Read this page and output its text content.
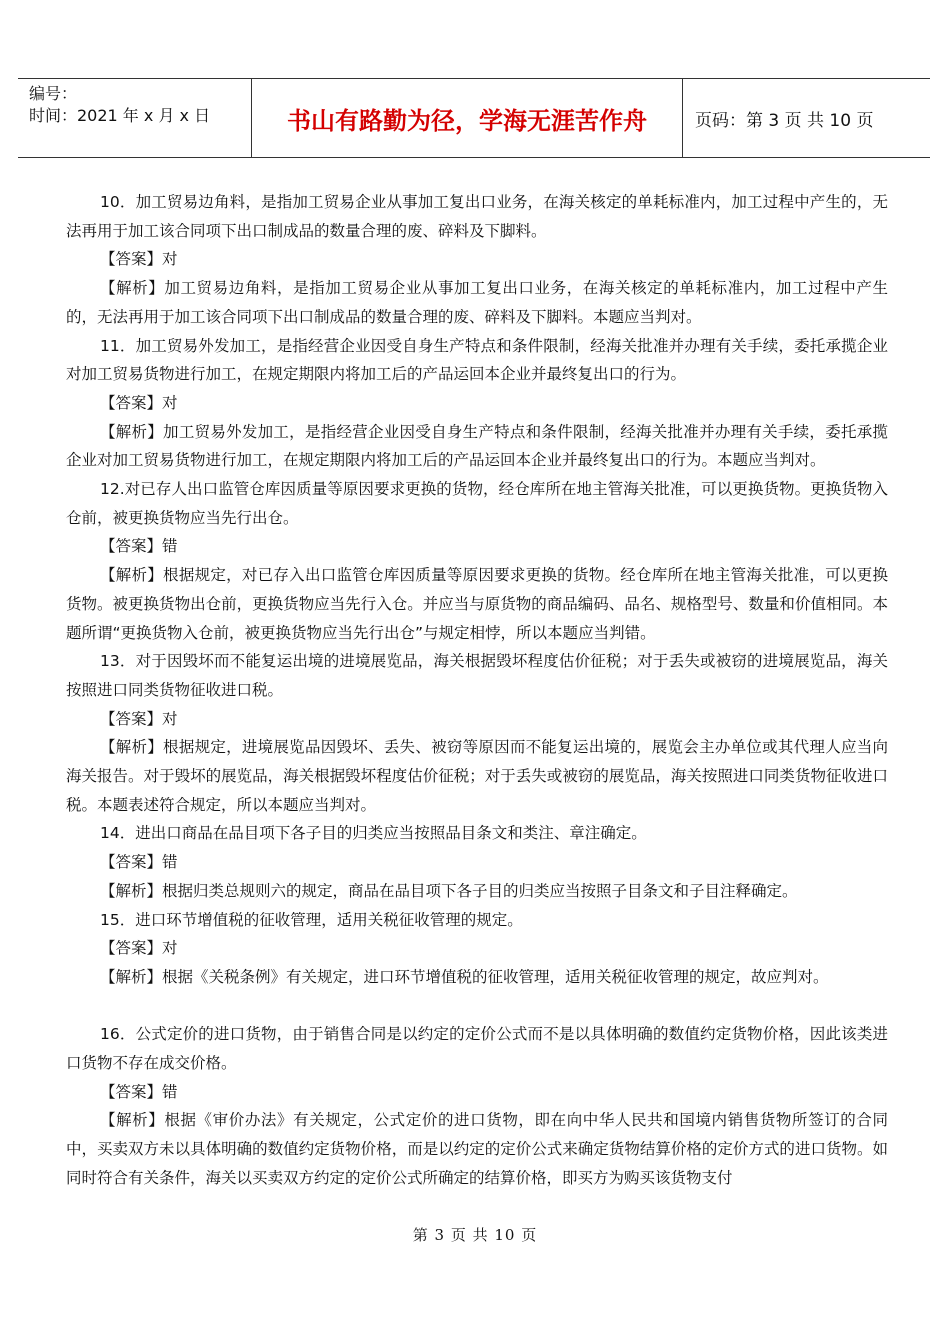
编号：
时间：2021 年 x 月 x 日	书山有路勤为径，学海无涯苦作舟	页码：第 3 页 共 10 页

10．加工贸易边角料，是指加工贸易企业从事加工复出口业务，在海关核定的单耗标准内，加工过程中产生的，无法再用于加工该合同项下出口制成品的数量合理的废、碎料及下脚料。

【答案】对

【解析】加工贸易边角料，是指加工贸易企业从事加工复出口业务，在海关核定的单耗标准内，加工过程中产生的，无法再用于加工该合同项下出口制成品的数量合理的废、碎料及下脚料。本题应当判对。

11．加工贸易外发加工，是指经营企业因受自身生产特点和条件限制，经海关批准并办理有关手续，委托承揽企业对加工贸易货物进行加工，在规定期限内将加工后的产品运回本企业并最终复出口的行为。

【答案】对

【解析】加工贸易外发加工，是指经营企业因受自身生产特点和条件限制，经海关批准并办理有关手续，委托承揽企业对加工贸易货物进行加工，在规定期限内将加工后的产品运回本企业并最终复出口的行为。本题应当判对。

12.对已存人出口监管仓库因质量等原因要求更换的货物，经仓库所在地主管海关批准，可以更换货物。更换货物入仓前，被更换货物应当先行出仓。

【答案】错

【解析】根据规定，对已存入出口监管仓库因质量等原因要求更换的货物。经仓库所在地主管海关批准，可以更换货物。被更换货物出仓前，更换货物应当先行入仓。并应当与原货物的商品编码、品名、规格型号、数量和价值相同。本题所谓“更换货物入仓前，被更换货物应当先行出仓”与规定相悖，所以本题应当判错。

13．对于因毁坏而不能复运出境的进境展览品，海关根据毁坏程度估价征税；对于丢失或被窃的进境展览品，海关按照进口同类货物征收进口税。

【答案】对

【解析】根据规定，进境展览品因毁坏、丢失、被窃等原因而不能复运出境的，展览会主办单位或其代理人应当向海关报告。对于毁坏的展览品，海关根据毁坏程度估价征税；对于丢失或被窃的展览品，海关按照进口同类货物征收进口税。本题表述符合规定，所以本题应当判对。

14．进出口商品在品目项下各子目的归类应当按照品目条文和类注、章注确定。

【答案】错

【解析】根据归类总规则六的规定，商品在品目项下各子目的归类应当按照子目条文和子目注释确定。

15．进口环节增值税的征收管理，适用关税征收管理的规定。

【答案】对

【解析】根据《关税条例》有关规定，进口环节增值税的征收管理，适用关税征收管理的规定，故应判对。

16．公式定价的进口货物，由于销售合同是以约定的定价公式而不是以具体明确的数值约定货物价格，因此该类进口货物不存在成交价格。

【答案】错

【解析】根据《审价办法》有关规定，公式定价的进口货物，即在向中华人民共和国境内销售货物所签订的合同中，买卖双方未以具体明确的数值约定货物价格，而是以约定的定价公式来确定货物结算价格的定价方式的进口货物。如同时符合有关条件，海关以买卖双方约定的定价公式所确定的结算价格，即买方为购买该货物支付

第 3 页 共 10 页
